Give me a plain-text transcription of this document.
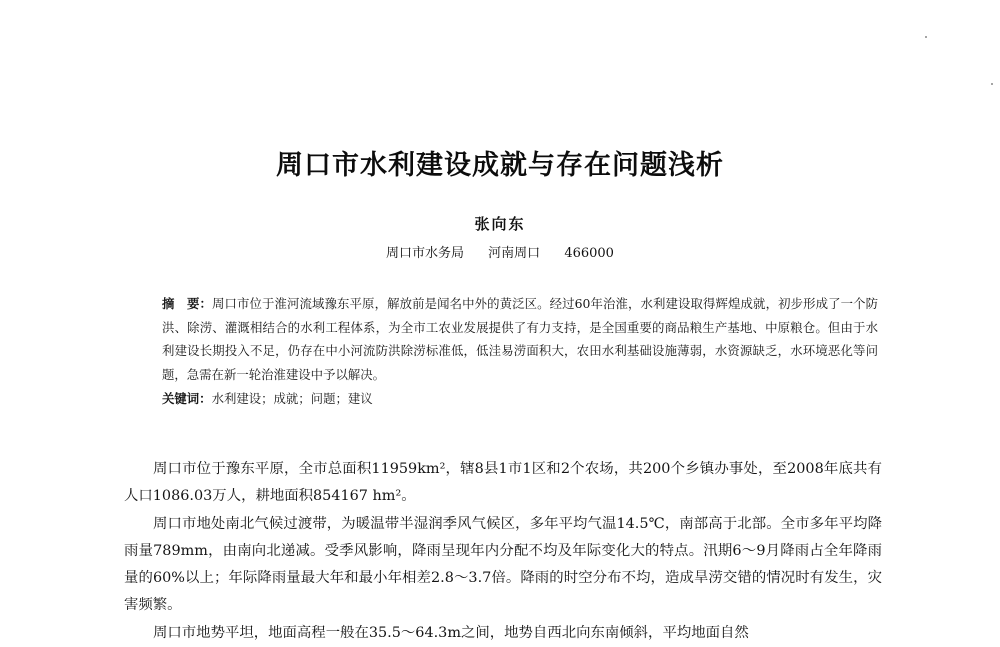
周口市水利建设成就与存在问题浅析
张向东
周口市水务局 河南周口 466000
摘　要：周口市位于淮河流域豫东平原，解放前是闻名中外的黄泛区。经过60年治淮，水利建设取得辉煌成就，初步形成了一个防洪、除涝、灌溉相结合的水利工程体系，为全市工农业发展提供了有力支持，是全国重要的商品粮生产基地、中原粮仓。但由于水利建设长期投入不足，仍存在中小河流防洪除涝标准低，低洼易涝面积大，农田水利基础设施薄弱，水资源缺乏，水环境恶化等问题，急需在新一轮治淮建设中予以解决。
关键词：水利建设；成就；问题；建议

周口市位于豫东平原，全市总面积11959km²，辖8县1市1区和2个农场，共200个乡镇办事处，至2008年底共有人口1086.03万人，耕地面积854167 hm²。

周口市地处南北气候过渡带，为暖温带半湿润季风气候区，多年平均气温14.5℃，南部高于北部。全市多年平均降雨量789mm，由南向北递减。受季风影响，降雨呈现年内分配不均及年际变化大的特点。汛期6～9月降雨占全年降雨量的60%以上；年际降雨量最大年和最小年相差2.8～3.7倍。降雨的时空分布不均，造成旱涝交错的情况时有发生，灾害频繁。

周口市地势平坦，地面高程一般在35.5～64.3m之间，地势自西北向东南倾斜，平均地面自然
